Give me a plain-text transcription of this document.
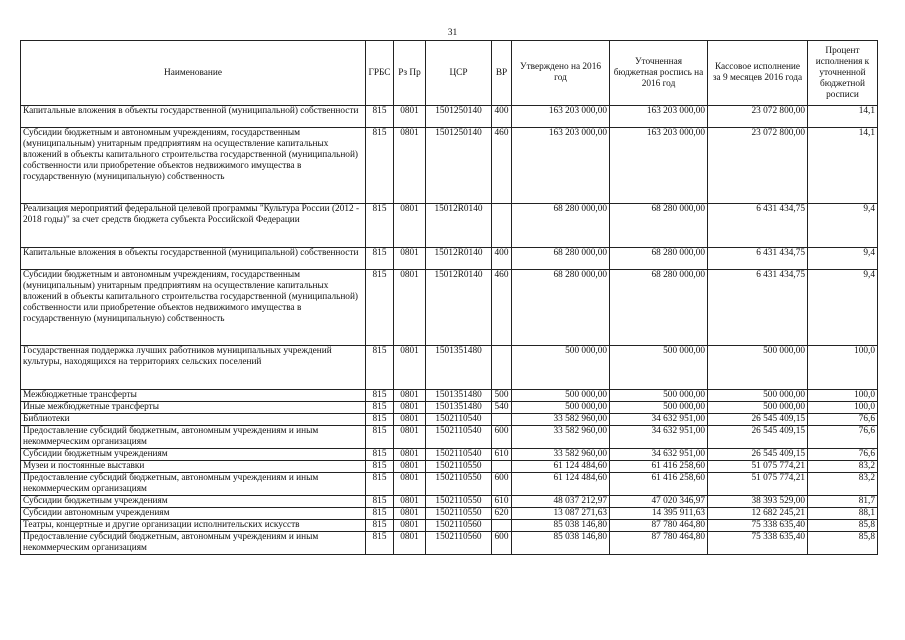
31
Наименование	ГРБС	Рз Пр	ЦСР	ВР	Утверждено на 2016 год	Уточненная бюджетная роспись на 2016 год	Кассовое исполнение за 9 месяцев 2016 года	Процент исполнения к уточненной бюджетной росписи
Капитальные вложения в объекты государственной (муниципальной) собственности	815	0801	1501250140	400	163 203 000,00	163 203 000,00	23 072 800,00	14,1
Субсидии бюджетным и автономным учреждениям, государственным (муниципальным) унитарным предприятиям на осуществление капитальных вложений в объекты капитального строительства государственной (муниципальной) собственности или приобретение объектов недвижимого имущества в государственную (муниципальную) собственность	815	0801	1501250140	460	163 203 000,00	163 203 000,00	23 072 800,00	14,1
Реализация мероприятий федеральной целевой программы "Культура России (2012 - 2018 годы)" за счет средств бюджета субъекта Российской Федерации	815	0801	15012R0140		68 280 000,00	68 280 000,00	6 431 434,75	9,4
Капитальные вложения в объекты государственной (муниципальной) собственности	815	0801	15012R0140	400	68 280 000,00	68 280 000,00	6 431 434,75	9,4
Субсидии бюджетным и автономным учреждениям, государственным (муниципальным) унитарным предприятиям на осуществление капитальных вложений в объекты капитального строительства государственной (муниципальной) собственности или приобретение объектов недвижимого имущества в государственную (муниципальную) собственность	815	0801	15012R0140	460	68 280 000,00	68 280 000,00	6 431 434,75	9,4
Государственная поддержка лучших работников муниципальных учреждений культуры, находящихся на территориях сельских поселений	815	0801	1501351480		500 000,00	500 000,00	500 000,00	100,0
Межбюджетные трансферты	815	0801	1501351480	500	500 000,00	500 000,00	500 000,00	100,0
Иные межбюджетные трансферты	815	0801	1501351480	540	500 000,00	500 000,00	500 000,00	100,0
Библиотеки	815	0801	1502110540		33 582 960,00	34 632 951,00	26 545 409,15	76,6
Предоставление субсидий бюджетным, автономным учреждениям и иным некоммерческим организациям	815	0801	1502110540	600	33 582 960,00	34 632 951,00	26 545 409,15	76,6
Субсидии бюджетным учреждениям	815	0801	1502110540	610	33 582 960,00	34 632 951,00	26 545 409,15	76,6
Музеи и постоянные выставки	815	0801	1502110550		61 124 484,60	61 416 258,60	51 075 774,21	83,2
Предоставление субсидий бюджетным, автономным учреждениям и иным некоммерческим организациям	815	0801	1502110550	600	61 124 484,60	61 416 258,60	51 075 774,21	83,2
Субсидии бюджетным учреждениям	815	0801	1502110550	610	48 037 212,97	47 020 346,97	38 393 529,00	81,7
Субсидии автономным учреждениям	815	0801	1502110550	620	13 087 271,63	14 395 911,63	12 682 245,21	88,1
Театры, концертные и другие организации исполнительских искусств	815	0801	1502110560		85 038 146,80	87 780 464,80	75 338 635,40	85,8
Предоставление субсидий бюджетным, автономным учреждениям и иным некоммерческим организациям	815	0801	1502110560	600	85 038 146,80	87 780 464,80	75 338 635,40	85,8
